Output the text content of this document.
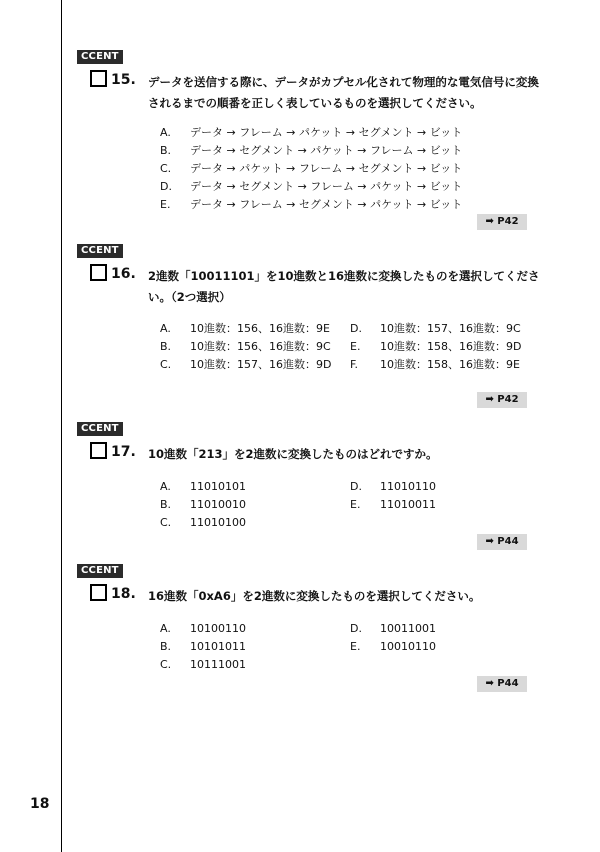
CCENT
15. データを送信する際に、データがカプセル化されて物理的な電気信号に変換されるまでの順番を正しく表しているものを選択してください。
A. データ → フレーム → パケット → セグメント → ビット
B. データ → セグメント → パケット → フレーム → ビット
C. データ → パケット → フレーム → セグメント → ビット
D. データ → セグメント → フレーム → パケット → ビット
E. データ → フレーム → セグメント → パケット → ビット
➡ P42
CCENT
16. 2進数「10011101」を10進数と16進数に変換したものを選択してください。（2つ選択）
A. 10進数：156、16進数：9E
B. 10進数：156、16進数：9C
C. 10進数：157、16進数：9D
D. 10進数：157、16進数：9C
E. 10進数：158、16進数：9D
F. 10進数：158、16進数：9E
➡ P42
CCENT
17. 10進数「213」を2進数に変換したものはどれですか。
A. 11010101
B. 11010010
C. 11010100
D. 11010110
E. 11010011
➡ P44
CCENT
18. 16進数「0xA6」を2進数に変換したものを選択してください。
A. 10100110
B. 10101011
C. 10111001
D. 10011001
E. 10010110
➡ P44
18
